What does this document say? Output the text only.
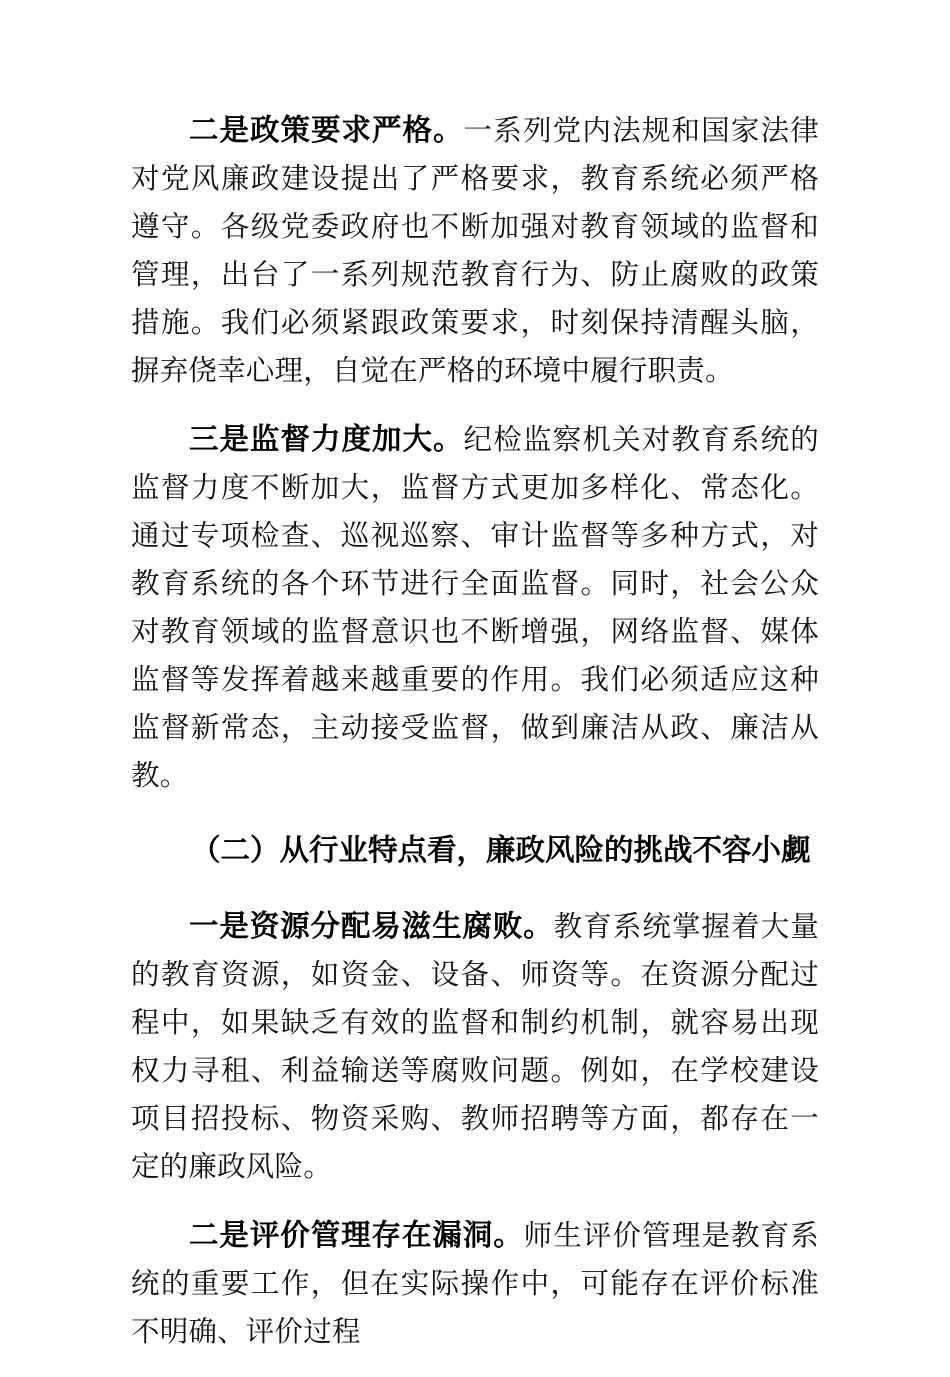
二是政策要求严格。一系列党内法规和国家法律对党风廉政建设提出了严格要求，教育系统必须严格遵守。各级党委政府也不断加强对教育领域的监督和管理，出台了一系列规范教育行为、防止腐败的政策措施。我们必须紧跟政策要求，时刻保持清醒头脑，摒弃侥幸心理，自觉在严格的环境中履行职责。

三是监督力度加大。纪检监察机关对教育系统的监督力度不断加大，监督方式更加多样化、常态化。通过专项检查、巡视巡察、审计监督等多种方式，对教育系统的各个环节进行全面监督。同时，社会公众对教育领域的监督意识也不断增强，网络监督、媒体监督等发挥着越来越重要的作用。我们必须适应这种监督新常态，主动接受监督，做到廉洁从政、廉洁从教。

（二）从行业特点看，廉政风险的挑战不容小觑

一是资源分配易滋生腐败。教育系统掌握着大量的教育资源，如资金、设备、师资等。在资源分配过程中，如果缺乏有效的监督和制约机制，就容易出现权力寻租、利益输送等腐败问题。例如，在学校建设项目招投标、物资采购、教师招聘等方面，都存在一定的廉政风险。

二是评价管理存在漏洞。师生评价管理是教育系统的重要工作，但在实际操作中，可能存在评价标准不明确、评价过程
